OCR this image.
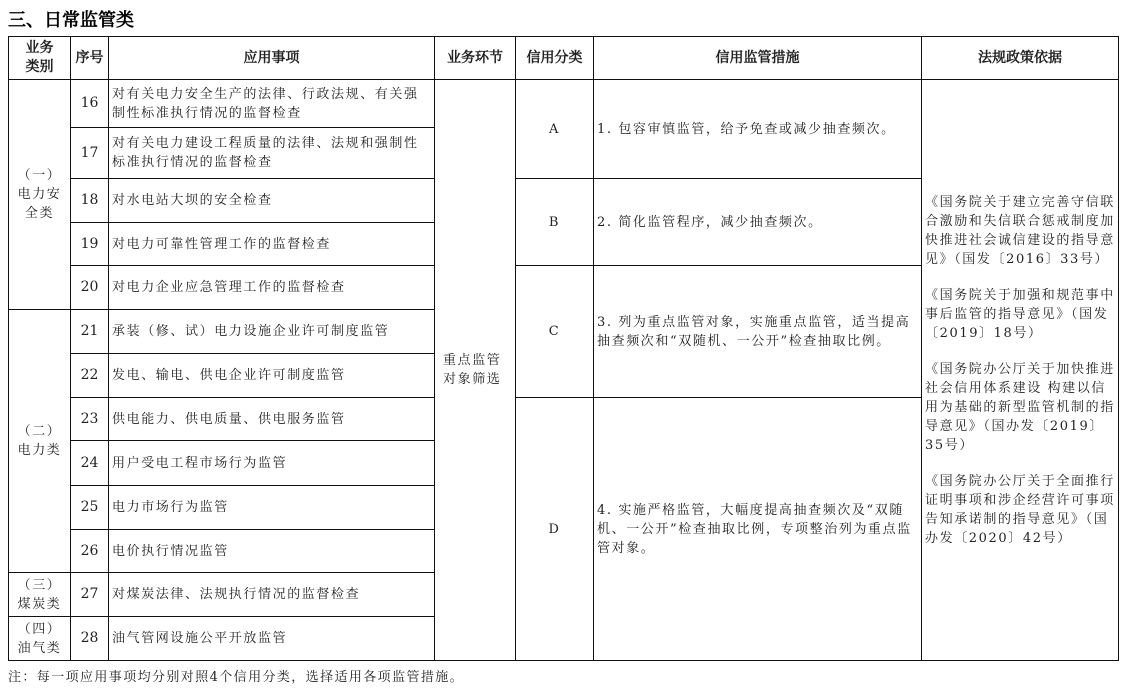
三、日常监管类
业务类别	序号	应用事项	业务环节	信用分类	信用监管措施	法规政策依据

（一）电力安全类	16	对有关电力安全生产的法律、行政法规、有关强制性标准执行情况的监督检查	重点监管对象筛选	A	1. 包容审慎监管，给予免查或减少抽查频次。	《国务院关于建立完善守信联合激励和失信联合惩戒制度加快推进社会诚信建设的指导意见》（国发〔2016〕33号）

《国务院关于加强和规范事中事后监管的指导意见》（国发〔2019〕18号）

《国务院办公厅关于加快推进社会信用体系建设 构建以信用为基础的新型监管机制的指导意见》（国办发〔2019〕35号）

《国务院办公厅关于全面推行证明事项和涉企经营许可事项告知承诺制的指导意见》（国办发〔2020〕42号）

	17	对有关电力建设工程质量的法律、法规和强制性标准执行情况的监督检查				
	18	对水电站大坝的安全检查		B	2. 简化监管程序，减少抽查频次。	
	19	对电力可靠性管理工作的监督检查				
	20	对电力企业应急管理工作的监督检查		C	3. 列为重点监管对象，实施重点监管，适当提高抽查频次和“双随机、一公开”检查抽取比例。	

（二）电力类	21	承装（修、试）电力设施企业许可制度监管				
	22	发电、输电、供电企业许可制度监管				
	23	供电能力、供电质量、供电服务监管		D	4. 实施严格监管，大幅度提高抽查频次及“双随机、一公开”检查抽取比例，专项整治列为重点监管对象。	
	24	用户受电工程市场行为监管				
	25	电力市场行为监管				
	26	电价执行情况监管				

（三）煤炭类	27	对煤炭法律、法规执行情况的监督检查				

（四）油气类	28	油气管网设施公平开放监管				
注：每一项应用事项均分别对照4个信用分类，选择适用各项监管措施。
